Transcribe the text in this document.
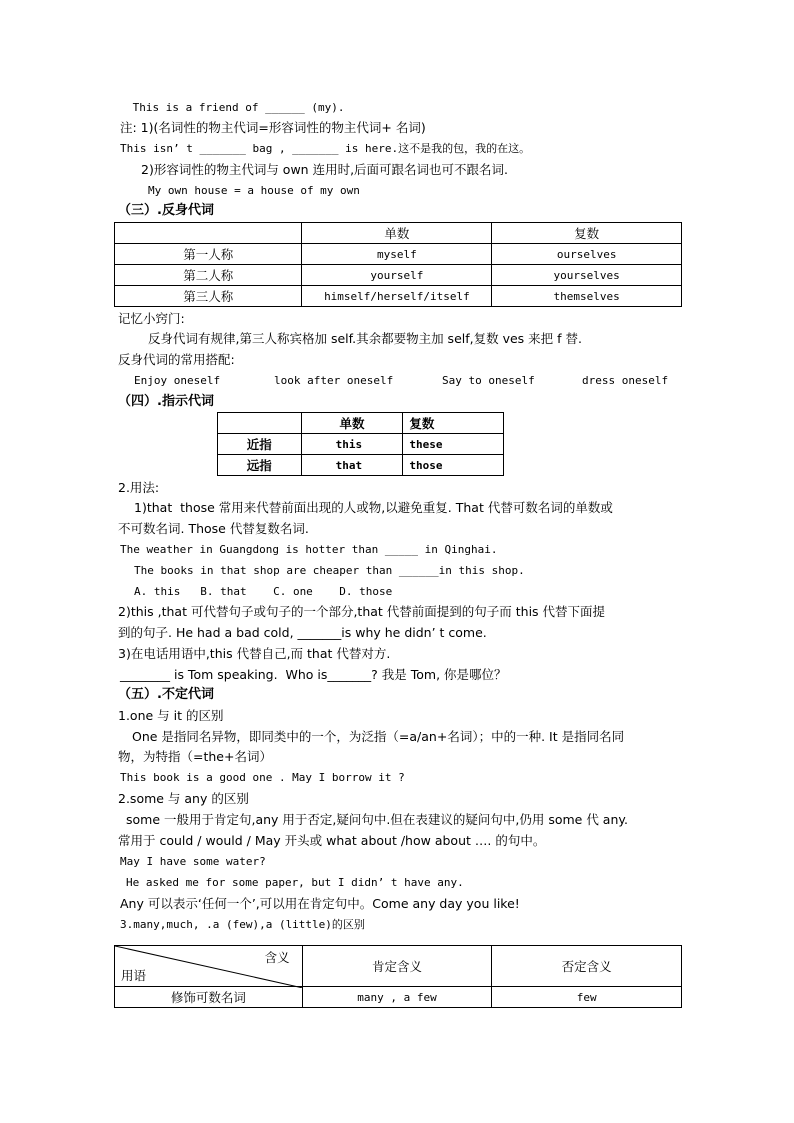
This is a friend of ______ (my).
注: 1)(名词性的物主代词=形容词性的物主代词+ 名词)
This isn’ t _______ bag , _______ is here.这不是我的包，我的在这。
2)形容词性的物主代词与 own 连用时,后面可跟名词也可不跟名词.
My own house = a house of my own
（三）.反身代词
	单数	复数
第一人称	myself	ourselves
第二人称	yourself	yourselves
第三人称	himself/herself/itself	themselves
记忆小窍门:
反身代词有规律,第三人称宾格加 self.其余都要物主加 self,复数 ves 来把 f 替.
反身代词的常用搭配:
Enjoy oneself	look after oneself	Say to oneself	dress oneself
（四）.指示代词
	单数	复数
近指	this	these
远指	that	those
2.用法:
1)that  those 常用来代替前面出现的人或物,以避免重复. That 代替可数名词的单数或
不可数名词. Those 代替复数名词.
The weather in Guangdong is hotter than _____ in Qinghai.
The books in that shop are cheaper than ______in this shop.
A. this   B. that    C. one    D. those
2)this ,that 可代替句子或句子的一个部分,that 代替前面提到的句子而 this 代替下面提
到的句子. He had a bad cold, _______is why he didn’ t come.
3)在电话用语中,this 代替自己,而 that 代替对方.
________ is Tom speaking.  Who is_______? 我是 Tom, 你是哪位？
（五）.不定代词
1.one 与 it 的区别
One 是指同名异物，即同类中的一个，为泛指（=a/an+名词）；中的一种. It 是指同名同
物，为特指（=the+名词）
This book is a good one . May I borrow it ?
2.some 与 any 的区别
some 一般用于肯定句,any 用于否定,疑问句中.但在表建议的疑问句中,仍用 some 代 any.
常用于 could / would / May 开头或 what about /how about …. 的句中。
May I have some water?
He asked me for some paper, but I didn’ t have any.
Any 可以表示‘任何一个’,可以用在肯定句中。Come any day you like!
3.many,much, .a (few),a (little)的区别
含义
用语	肯定含义	否定含义
修饰可数名词	many , a few	few
